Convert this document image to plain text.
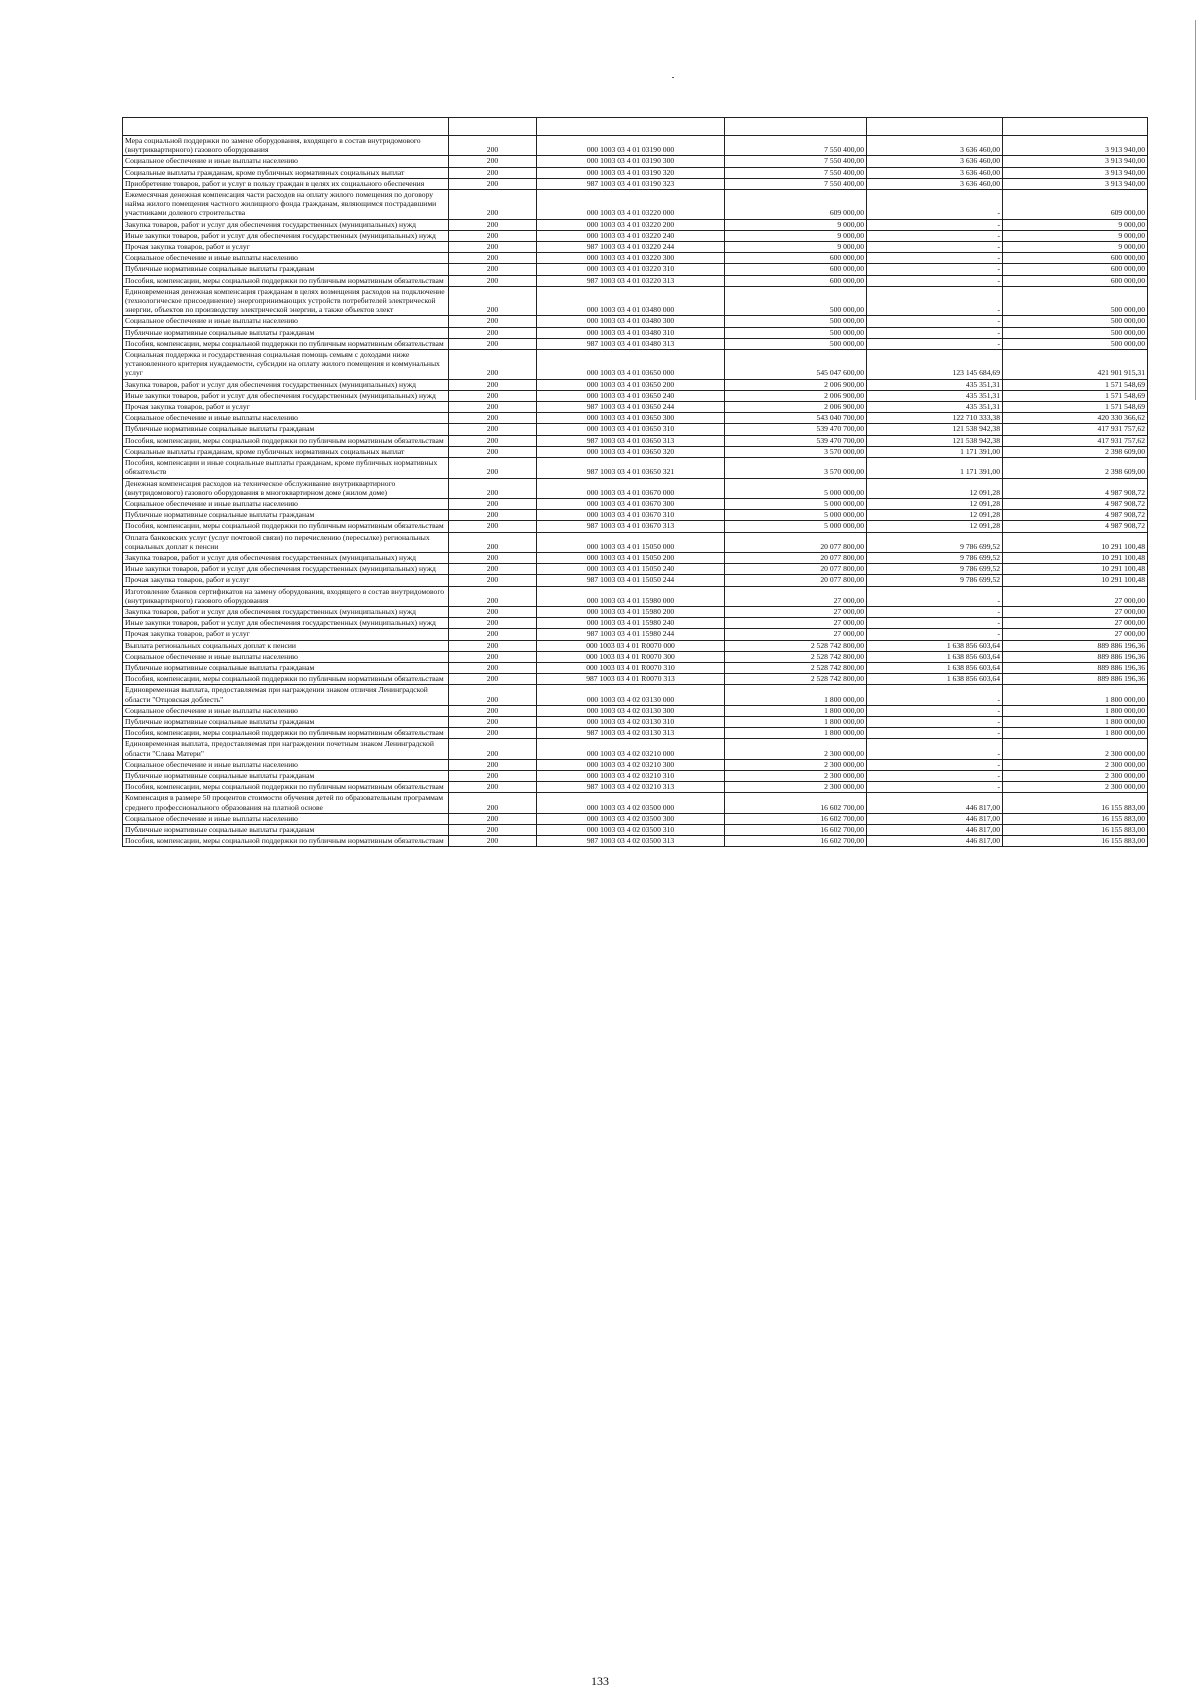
Мера социальной поддержки по замене оборудования, входящего в состав внутридомового (внутриквартирного) газового оборудования	200	000 1003 03 4 01 03190 000	7 550 400,00	3 636 460,00	3 913 940,00
Социальное обеспечение и иные выплаты населению	200	000 1003 03 4 01 03190 300	7 550 400,00	3 636 460,00	3 913 940,00
Социальные выплаты гражданам, кроме публичных нормативных социальных выплат	200	000 1003 03 4 01 03190 320	7 550 400,00	3 636 460,00	3 913 940,00
Приобретение товаров, работ и услуг в пользу граждан в целях их социального обеспечения	200	987 1003 03 4 01 03190 323	7 550 400,00	3 636 460,00	3 913 940,00
Ежемесячная денежная компенсация части расходов на оплату жилого помещения по договору найма жилого помещения частного жилищного фонда гражданам, являющимся пострадавшими участниками долевого строительства	200	000 1003 03 4 01 03220 000	609 000,00	-	609 000,00
Закупка товаров, работ и услуг для обеспечения государственных (муниципальных) нужд	200	000 1003 03 4 01 03220 200	9 000,00	-	9 000,00
Иные закупки товаров, работ и услуг для обеспечения государственных (муниципальных) нужд	200	000 1003 03 4 01 03220 240	9 000,00	-	9 000,00
Прочая закупка товаров, работ и услуг	200	987 1003 03 4 01 03220 244	9 000,00	-	9 000,00
Социальное обеспечение и иные выплаты населению	200	000 1003 03 4 01 03220 300	600 000,00	-	600 000,00
Публичные нормативные социальные выплаты гражданам	200	000 1003 03 4 01 03220 310	600 000,00	-	600 000,00
Пособия, компенсации, меры социальной поддержки по публичным нормативным обязательствам	200	987 1003 03 4 01 03220 313	600 000,00	-	600 000,00
Единовременная денежная компенсация гражданам в целях возмещения расходов на подключение (технологическое присоединение) энергопринимающих устройств потребителей электрической энергии, объектов по производству электрической энергии, а также объектов элект	200	000 1003 03 4 01 03480 000	500 000,00	-	500 000,00
Социальное обеспечение и иные выплаты населению	200	000 1003 03 4 01 03480 300	500 000,00	-	500 000,00
Публичные нормативные социальные выплаты гражданам	200	000 1003 03 4 01 03480 310	500 000,00	-	500 000,00
Пособия, компенсации, меры социальной поддержки по публичным нормативным обязательствам	200	987 1003 03 4 01 03480 313	500 000,00	-	500 000,00
Социальная поддержка и государственная социальная помощь семьям с доходами ниже установленного критерия нуждаемости, субсидии на оплату жилого помещения и коммунальных услуг	200	000 1003 03 4 01 03650 000	545 047 600,00	123 145 684,69	421 901 915,31
Закупка товаров, работ и услуг для обеспечения государственных (муниципальных) нужд	200	000 1003 03 4 01 03650 200	2 006 900,00	435 351,31	1 571 548,69
Иные закупки товаров, работ и услуг для обеспечения государственных (муниципальных) нужд	200	000 1003 03 4 01 03650 240	2 006 900,00	435 351,31	1 571 548,69
Прочая закупка товаров, работ и услуг	200	987 1003 03 4 01 03650 244	2 006 900,00	435 351,31	1 571 548,69
Социальное обеспечение и иные выплаты населению	200	000 1003 03 4 01 03650 300	543 040 700,00	122 710 333,38	420 330 366,62
Публичные нормативные социальные выплаты гражданам	200	000 1003 03 4 01 03650 310	539 470 700,00	121 538 942,38	417 931 757,62
Пособия, компенсации, меры социальной поддержки по публичным нормативным обязательствам	200	987 1003 03 4 01 03650 313	539 470 700,00	121 538 942,38	417 931 757,62
Социальные выплаты гражданам, кроме публичных нормативных социальных выплат	200	000 1003 03 4 01 03650 320	3 570 000,00	1 171 391,00	2 398 609,00
Пособия, компенсации и иные социальные выплаты гражданам, кроме публичных нормативных обязательств	200	987 1003 03 4 01 03650 321	3 570 000,00	1 171 391,00	2 398 609,00
Денежная компенсация расходов на техническое обслуживание внутриквартирного (внутридомового) газового оборудования в многоквартирном доме (жилом доме)	200	000 1003 03 4 01 03670 000	5 000 000,00	12 091,28	4 987 908,72
Социальное обеспечение и иные выплаты населению	200	000 1003 03 4 01 03670 300	5 000 000,00	12 091,28	4 987 908,72
Публичные нормативные социальные выплаты гражданам	200	000 1003 03 4 01 03670 310	5 000 000,00	12 091,28	4 987 908,72
Пособия, компенсации, меры социальной поддержки по публичным нормативным обязательствам	200	987 1003 03 4 01 03670 313	5 000 000,00	12 091,28	4 987 908,72
Оплата банковских услуг (услуг почтовой связи) по перечислению (пересылке) региональных социальных доплат к пенсии	200	000 1003 03 4 01 15050 000	20 077 800,00	9 786 699,52	10 291 100,48
Закупка товаров, работ и услуг для обеспечения государственных (муниципальных) нужд	200	000 1003 03 4 01 15050 200	20 077 800,00	9 786 699,52	10 291 100,48
Иные закупки товаров, работ и услуг для обеспечения государственных (муниципальных) нужд	200	000 1003 03 4 01 15050 240	20 077 800,00	9 786 699,52	10 291 100,48
Прочая закупка товаров, работ и услуг	200	987 1003 03 4 01 15050 244	20 077 800,00	9 786 699,52	10 291 100,48
Изготовление бланков сертификатов на замену оборудования, входящего в состав внутридомового (внутриквартирного) газового оборудования	200	000 1003 03 4 01 15980 000	27 000,00	-	27 000,00
Закупка товаров, работ и услуг для обеспечения государственных (муниципальных) нужд	200	000 1003 03 4 01 15980 200	27 000,00	-	27 000,00
Иные закупки товаров, работ и услуг для обеспечения государственных (муниципальных) нужд	200	000 1003 03 4 01 15980 240	27 000,00	-	27 000,00
Прочая закупка товаров, работ и услуг	200	987 1003 03 4 01 15980 244	27 000,00	-	27 000,00
Выплата региональных социальных доплат к пенсии	200	000 1003 03 4 01 R0070 000	2 528 742 800,00	1 638 856 603,64	889 886 196,36
Социальное обеспечение и иные выплаты населению	200	000 1003 03 4 01 R0070 300	2 528 742 800,00	1 638 856 603,64	889 886 196,36
Публичные нормативные социальные выплаты гражданам	200	000 1003 03 4 01 R0070 310	2 528 742 800,00	1 638 856 603,64	889 886 196,36
Пособия, компенсации, меры социальной поддержки по публичным нормативным обязательствам	200	987 1003 03 4 01 R0070 313	2 528 742 800,00	1 638 856 603,64	889 886 196,36
Единовременная выплата, предоставляемая при награждении знаком отличия Ленинградской области "Отцовская доблесть"	200	000 1003 03 4 02 03130 000	1 800 000,00	-	1 800 000,00
Социальное обеспечение и иные выплаты населению	200	000 1003 03 4 02 03130 300	1 800 000,00	-	1 800 000,00
Публичные нормативные социальные выплаты гражданам	200	000 1003 03 4 02 03130 310	1 800 000,00	-	1 800 000,00
Пособия, компенсации, меры социальной поддержки по публичным нормативным обязательствам	200	987 1003 03 4 02 03130 313	1 800 000,00	-	1 800 000,00
Единовременная выплата, предоставляемая при награждении почетным знаком Ленинградской области "Слава Матери"	200	000 1003 03 4 02 03210 000	2 300 000,00	-	2 300 000,00
Социальное обеспечение и иные выплаты населению	200	000 1003 03 4 02 03210 300	2 300 000,00	-	2 300 000,00
Публичные нормативные социальные выплаты гражданам	200	000 1003 03 4 02 03210 310	2 300 000,00	-	2 300 000,00
Пособия, компенсации, меры социальной поддержки по публичным нормативным обязательствам	200	987 1003 03 4 02 03210 313	2 300 000,00	-	2 300 000,00
Компенсация в размере 50 процентов стоимости обучения детей по образовательным программам среднего профессионального образования на платной основе	200	000 1003 03 4 02 03500 000	16 602 700,00	446 817,00	16 155 883,00
Социальное обеспечение и иные выплаты населению	200	000 1003 03 4 02 03500 300	16 602 700,00	446 817,00	16 155 883,00
Публичные нормативные социальные выплаты гражданам	200	000 1003 03 4 02 03500 310	16 602 700,00	446 817,00	16 155 883,00
Пособия, компенсации, меры социальной поддержки по публичным нормативным обязательствам	200	987 1003 03 4 02 03500 313	16 602 700,00	446 817,00	16 155 883,00
133
